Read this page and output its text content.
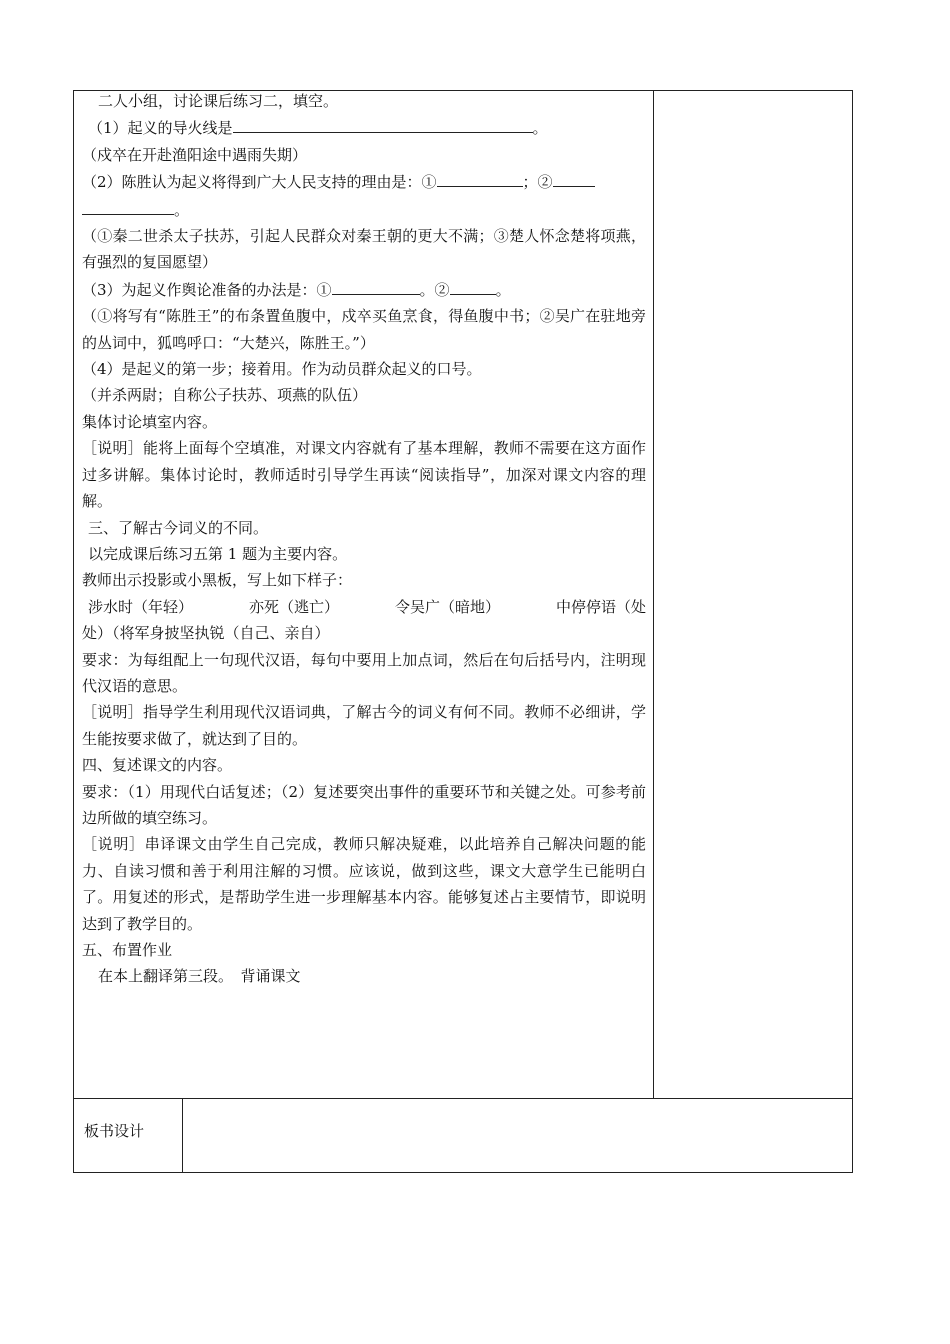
二人小组，讨论课后练习二，填空。

（1）起义的导火线是	。

（戍卒在开赴渔阳途中遇雨失期）

（2）陈胜认为起义将得到广大人民支持的理由是：①	；②

。

（①秦二世杀太子扶苏，引起人民群众对秦王朝的更大不满；③楚人怀念楚将项燕，有强烈的复国愿望）

（3）为起义作舆论准备的办法是：①	。②	。

（①将写有“陈胜王”的布条置鱼腹中，戍卒买鱼烹食，得鱼腹中书；②吴广在驻地旁的丛词中，狐鸣呼口：“大楚兴，陈胜王。”）

（4）是起义的第一步；接着用。作为动员群众起义的口号。

（并杀两尉；自称公子扶苏、项燕的队伍）

集体讨论填室内容。

［说明］能将上面每个空填准，对课文内容就有了基本理解，教师不需要在这方面作过多讲解。集体讨论时，教师适时引导学生再读“阅读指导”，加深对课文内容的理解。

三、了解古今词义的不同。

以完成课后练习五第 1 题为主要内容。

教师出示投影或小黑板，写上如下样子：

涉水时（年轻）	亦死（逃亡）	令吴广（暗地）	中停停语（处

处）（将军身披坚执锐（自己、亲自）

要求：为每组配上一句现代汉语，每句中要用上加点词，然后在句后括号内，注明现代汉语的意思。

［说明］指导学生利用现代汉语词典，了解古今的词义有何不同。教师不必细讲，学生能按要求做了，就达到了目的。

四、复述课文的内容。

要求：（1）用现代白话复述；（2）复述要突出事件的重要环节和关键之处。可参考前边所做的填空练习。

［说明］串译课文由学生自己完成，教师只解决疑难，以此培养自己解决问题的能力、自读习惯和善于利用注解的习惯。应该说，做到这些，课文大意学生已能明白了。用复述的形式，是帮助学生进一步理解基本内容。能够复述占主要情节，即说明达到了教学目的。

五、布置作业

在本上翻译第三段。　背诵课文

板书设计
